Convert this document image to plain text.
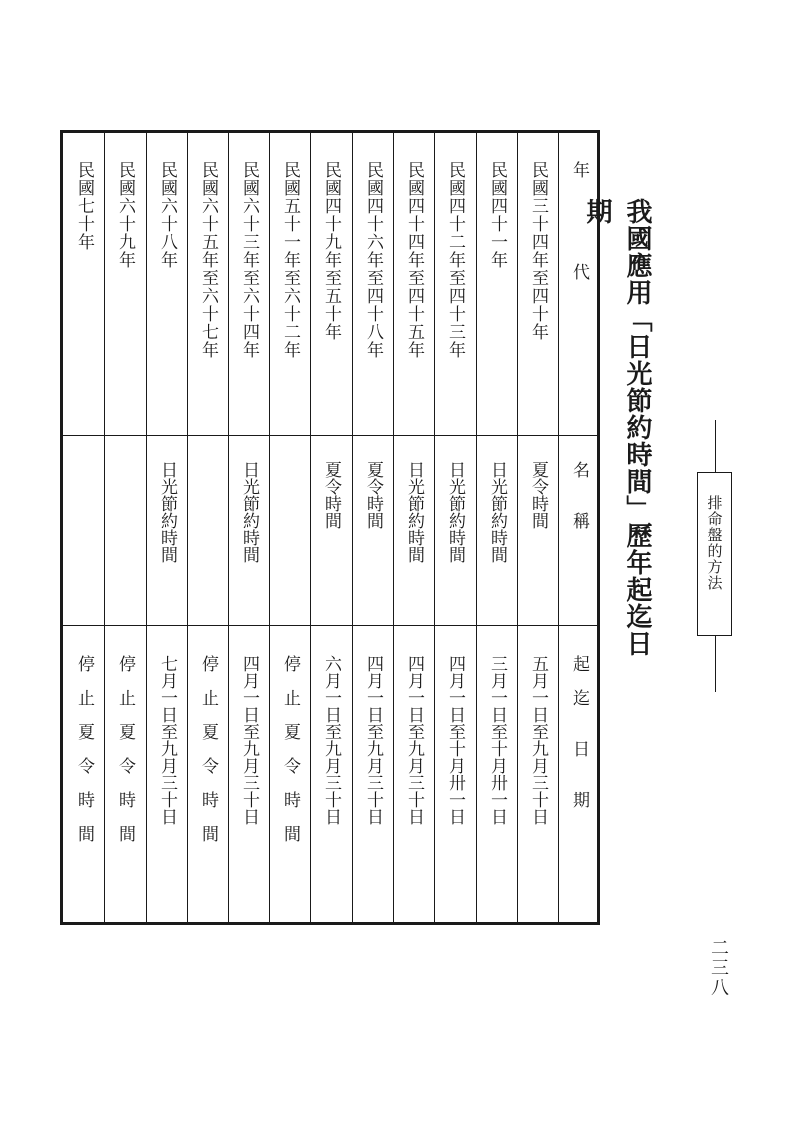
我國應用「日光節約時間」歷年起迄日期
年　　　　　代
名　　稱
起　迄　　日　　期
民國三十四年至四十年
夏令時間
五月一日至九月三十日
民國四十一年
日光節約時間
三月一日至十月卅一日
民國四十二年至四十三年
日光節約時間
四月一日至十月卅一日
民國四十四年至四十五年
日光節約時間
四月一日至九月三十日
民國四十六年至四十八年
夏令時間
四月一日至九月三十日
民國四十九年至五十年
夏令時間
六月一日至九月三十日
民國五十一年至六十二年
停　止　夏　令　時　間
民國六十三年至六十四年
日光節約時間
四月一日至九月三十日
民國六十五年至六十七年
停　止　夏　令　時　間
民國六十八年
日光節約時間
七月一日至九月三十日
民國六十九年
停　止　夏　令　時　間
民國七十年
停　止　夏　令　時　間
排命盤的方法
二三八
